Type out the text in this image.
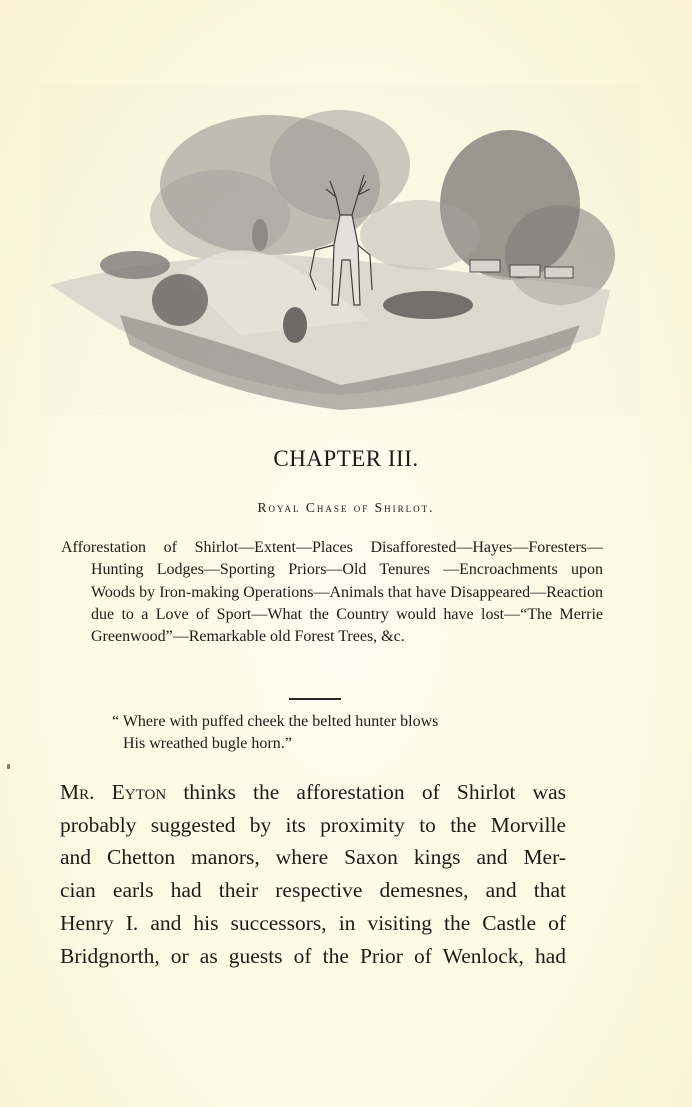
CHAPTER III.
Royal Chase of Shirlot.
Afforestation of Shirlot—Extent—Places Disafforested—Hayes—Foresters—Hunting Lodges—Sporting Priors—Old Tenures —Encroachments upon Woods by Iron-making Operations—Animals that have Disappeared—Reaction due to a Love of Sport—What the Country would have lost—“The Merrie Greenwood”—Remarkable old Forest Trees, &c.
“ Where with puffed cheek the belted hunter blows
His wreathed bugle horn.”
Mr. Eyton thinks the afforestation of Shirlot was
probably suggested by its proximity to the Morville
and Chetton manors, where Saxon kings and Mer-
cian earls had their respective demesnes, and that
Henry I. and his successors, in visiting the Castle of
Bridgnorth, or as guests of the Prior of Wenlock, had
